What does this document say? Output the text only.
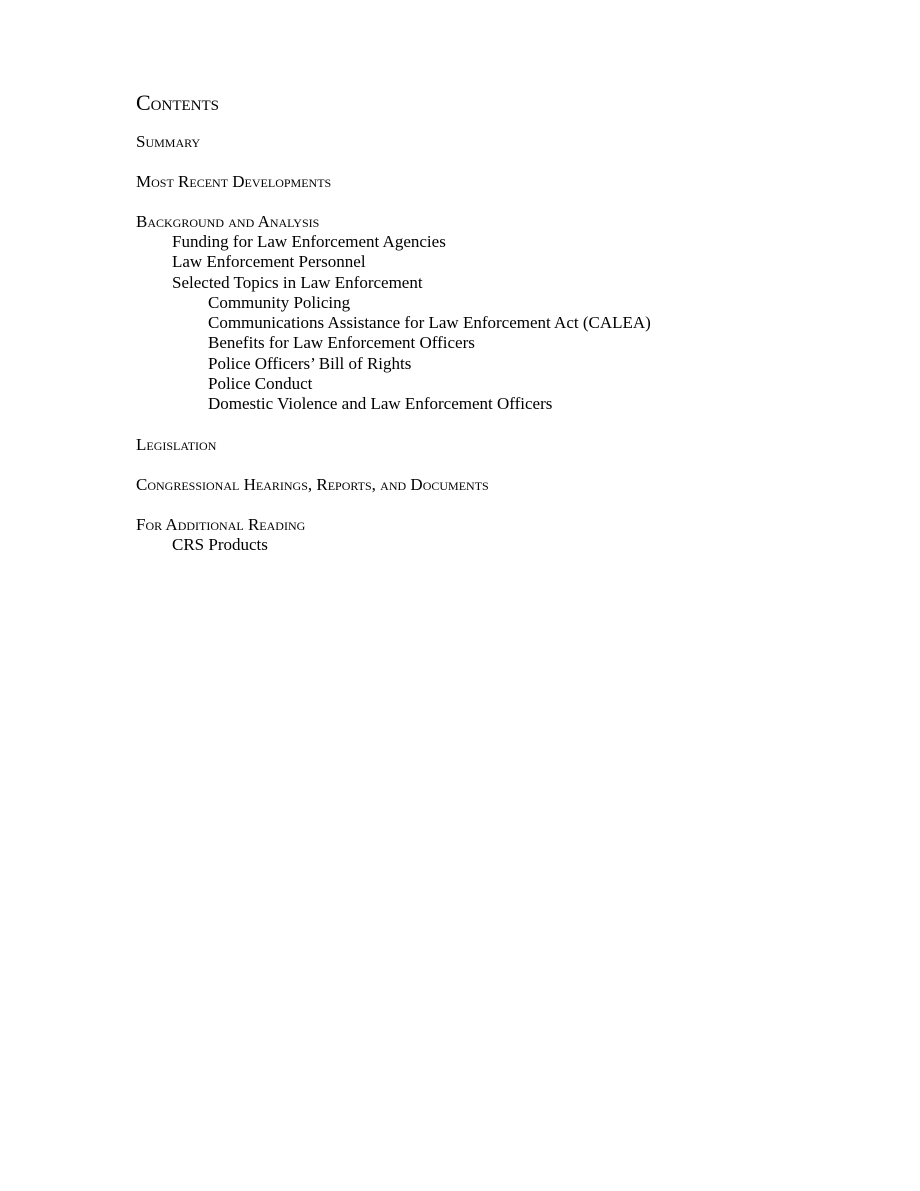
Contents
Summary
Most Recent Developments
Background and Analysis
Funding for Law Enforcement Agencies
Law Enforcement Personnel
Selected Topics in Law Enforcement
Community Policing
Communications Assistance for Law Enforcement Act (CALEA)
Benefits for Law Enforcement Officers
Police Officers’ Bill of Rights
Police Conduct
Domestic Violence and Law Enforcement Officers
Legislation
Congressional Hearings, Reports, and Documents
For Additional Reading
CRS Products
